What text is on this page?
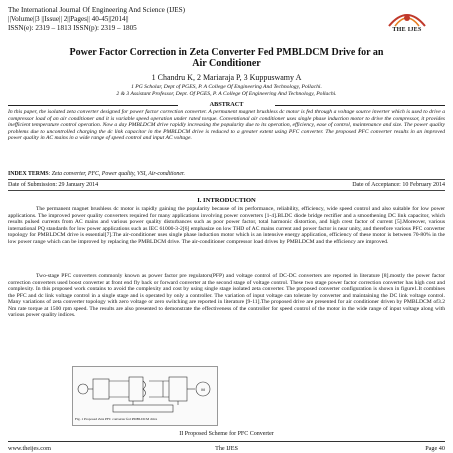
The International Journal Of Engineering And Science (IJES)
||Volume||3 ||Issue|| 2||Pages|| 40-45||2014||
ISSN(e): 2319 – 1813 ISSN(p): 2319 – 1805	THE IJES
Power Factor Correction in Zeta Converter Fed PMBLDCM Drive for an
Air Conditioner
1 Chandru K, 2 Mariaraja P, 3 Kuppuswamy A
1 PG Scholar, Dept of PGES, P. A College Of Engineering And Technology, Pollachi.
2 & 3 Assistant Professor, Dept. Of PGES, P. A College Of Engineering And Technology, Pollachi.
ABSTRACT
In this paper, the isolated zeta converter designed for power factor correction converter. A permanent magnet brushless dc motor is fed through a voltage source inverter which is used to drive a compressor load of an air conditioner and it is variable speed operation under rated torque. Conventional air conditioner uses single phase induction motor to drive the compressor, it provides inefficient temperature control operation. Now a day PMBLDCM drive rapidly increasing the popularity due to its operation, efficiency, ease of control, maintenance and size. The power quality problems due to uncontrolled charging the dc link capacitor in the PMBLDCM drive is reduced to a greater extent using PFC converter. The proposed PFC converter results in an improved power quality in AC mains in a wide range of speed control and input AC voltage.
INDEX TERMS: Zeta converter, PFC, Power quality, VSI, Air-conditioner.
Date of Submission: 29 January 2014	Date of Acceptance: 10 February 2014
I. INTRODUCTION
The permanent magnet brushless dc motor is rapidly gaining the popularity because of its performance, reliability, efficiency, wide speed control and also suitable for low power applications. The improved power quality converters required for many applications involving power converters [1-4].BLDC diode bridge rectifier and a smoothening DC link capacitor, which results pulsed currents from AC mains and various power quality disturbances such as poor power factor, total harmonic distortion, and high crest factor of current [5].Moreover, various international PQ standards for low power applications such as IEC 61000-3-2[6] emphasize on low THD of AC mains current and power factor is near unity, and therefore various PFC converter topology for PMBLDCM drive is essential[7].The air-conditioner uses single phase induction motor which is an intensive energy application, efficiency of these motor is between 70-80% in the low power range which can be improved by replacing the PMBLDCM drive. The air-conditioner compressor load drives by PMBLDCM and the efficiency are improved.
Two-stage PFC converters commonly known as power factor pre regulators(PFP) and voltage control of DC-DC converters are reported in literature [8].mostly the power factor correction converters used boost converter at front end fly back or forward converter at the second stage of voltage control. These two stage power factor correction converter has high cost and complexity. In this proposed work contains to avoid the complexity and cost by using single stage isolated zeta converter. The proposed converter configuration is shown in figure1.It combines the PFC and dc link voltage control in a single stage and is operated by only a controller. The variation of input voltage can tolerate by converter and maintaining the DC link voltage control. Many variations of zeta converter topology with zero voltage or zero switching are reported in literature [9-11].The proposed drive are presented for air conditioner driven by PMBLDCM of3.2 Nm rate torque at 1500 rpm speed. The results are also presented to demonstrate the effectiveness of the controller for speed control of the motor in the wide range of input voltage along with various power quality indices.
M
Fig. 1 Proposed Zeta PFC converter fed PMBLDCM drive
II Proposed Scheme for PFC Converter
www.theijes.com	The IJES	Page 40
